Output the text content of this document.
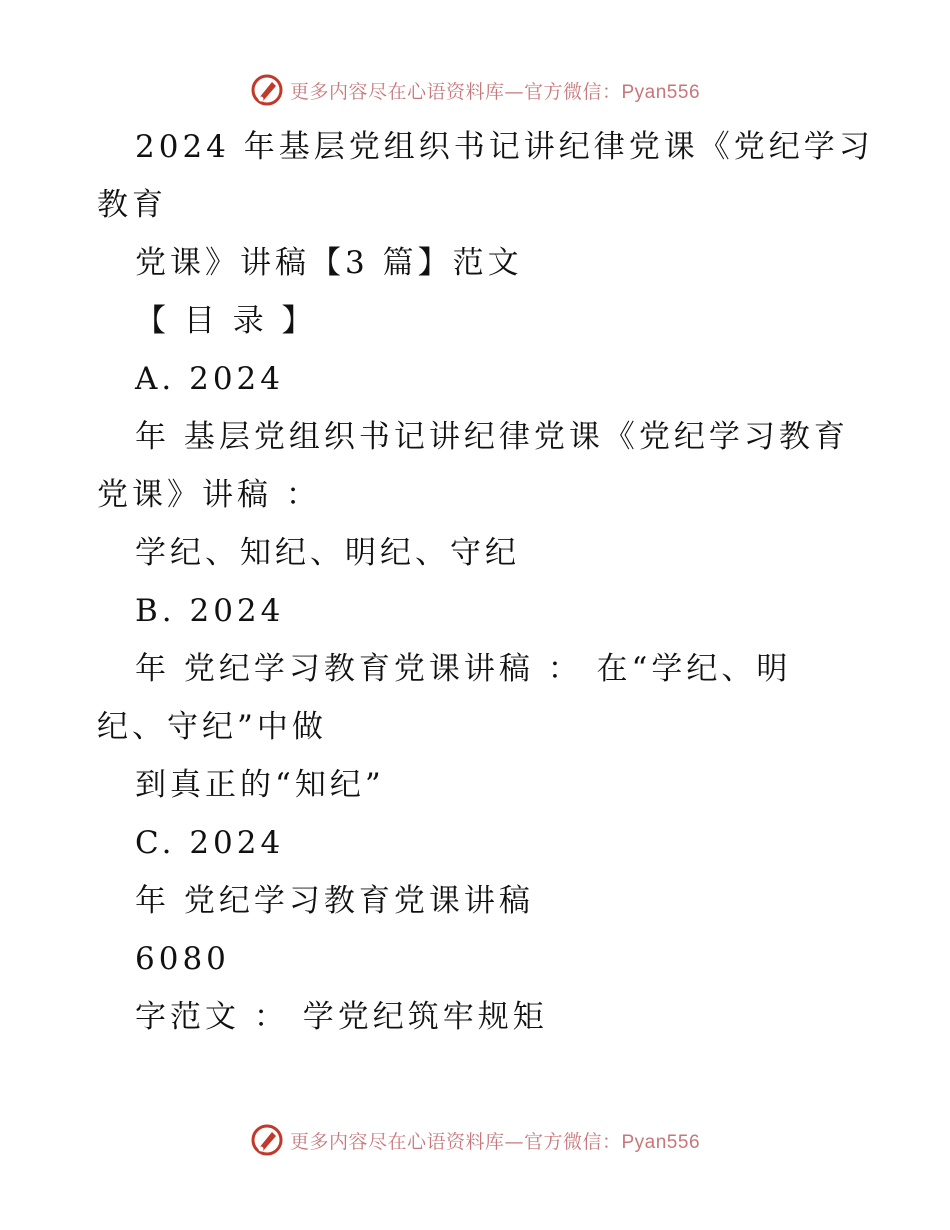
更多内容尽在心语资料库—官方微信：Pyan556
2024 年基层党组织书记讲纪律党课《党纪学习
教育
党课》讲稿【3 篇】范文
【 目 录 】
A. 2024
年 基层党组织书记讲纪律党课《党纪学习教育
党课》讲稿 ：
学纪、知纪、明纪、守纪
B. 2024
年 党纪学习教育党课讲稿 ： 在“学纪、明
纪、守纪”中做
到真正的“知纪”
C. 2024
年 党纪学习教育党课讲稿
6080
字范文 ： 学党纪筑牢规矩
更多内容尽在心语资料库—官方微信：Pyan556
